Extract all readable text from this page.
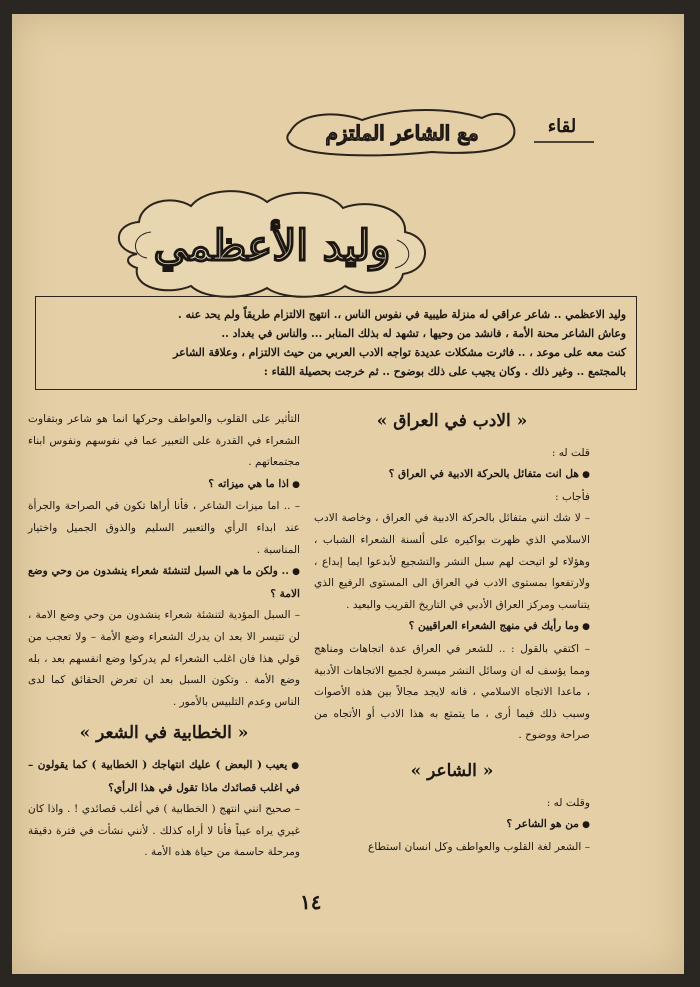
مع الشاعر الملتزم	لقاء
وليد الأعظمي

وليد الاعظمي .. شاعر عراقي له منزلة طيبية في نفوس الناس ،. انتهج الالتزام طريقاً ولم يحد عنه .

وعاش الشاعر محنة الأمة ، فانشد من وحيها ، تشهد له بذلك المنابر ... والناس في بغداد ..

كنت معه على موعد ، .. فاثرت مشكلات عديدة تواجه الادب العربي من حيث الالتزام ، وعلاقة الشاعر

بالمجتمع .. وغير ذلك . وكان يجيب على ذلك بوضوح .. ثم خرجت بحصيلة اللقاء :

« الادب في العراق »

قلت له :

● هل انت متفائل بالحركة الادبية في العراق ؟

فأجاب :

– لا شك انني متفائل بالحركة الادبية في العراق ، وخاصة الادب الاسلامي الذي ظهرت بواكيره على ألسنة الشعراء الشباب ، وهؤلاء لو اتيحت لهم سبل النشر والتشجيع لأبدعوا ايما إبداع ، ولارتفعوا بمستوى الادب في العراق الى المستوى الرفيع الذي يتناسب ومركز العراق الأدبي في التاريخ القريب والبعيد .

● وما رأيك في منهج الشعراء العراقيين ؟

– اكتفي بالقول : .. للشعر في العراق عدة اتجاهات ومناهج ومما يؤسف له ان وسائل النشر ميسرة لجميع الاتجاهات الأدبية ، ماعدا الاتجاه الاسلامي ، فانه لايجد مجالاً بين هذه الأصوات وسبب ذلك فيما أرى ، ما يتمتع به هذا الادب أو الأتجاه من صراحة ووضوح .

« الشاعر »

وقلت له :

● من هو الشاعر ؟

– الشعر لغة القلوب والعواطف وكل انسان استطاع

التأثير على القلوب والعواطف وحركها انما هو شاعر وبتفاوت الشعراء في القدرة على التعبير عما في نفوسهم ونفوس ابناء مجتمعاتهم .

● اذا ما هي ميزاته ؟

– .. اما ميزات الشاعر ، فأنا أراها تكون في الصراحة والجرأة عند ابداء الرأي والتعبير السليم والذوق الجميل واختيار المناسبة .

● .. ولكن ما هي السبل لتنشئة شعراء ينشدون من وحي وضع الامة ؟

– السبل المؤدية لتنشئة شعراء ينشدون من وحي وضع الامة ، لن تتيسر الا بعد ان يدرك الشعراء وضع الأمة – ولا تعجب من قولي هذا فان اغلب الشعراء لم يدركوا وضع انفسهم بعد ، بله وضع الأمة . وتكون السبل بعد ان تعرض الحقائق كما لدى الناس وعدم التلبيس بالأمور .

« الخطابية في الشعر »

● يعيب ( البعض ) عليك انتهاجك ( الخطابية ) كما يقولون – في اغلب قصائدك ماذا تقول في هذا الرأي؟

– صحيح انني انتهج ( الخطابية ) في أغلب قصائدي ! . واذا كان غيري يراه عيباً فأنا لا أراه كذلك . لأنني نشأت في فترة دقيقة ومرحلة حاسمة من حياة هذه الأمة .

١٤
